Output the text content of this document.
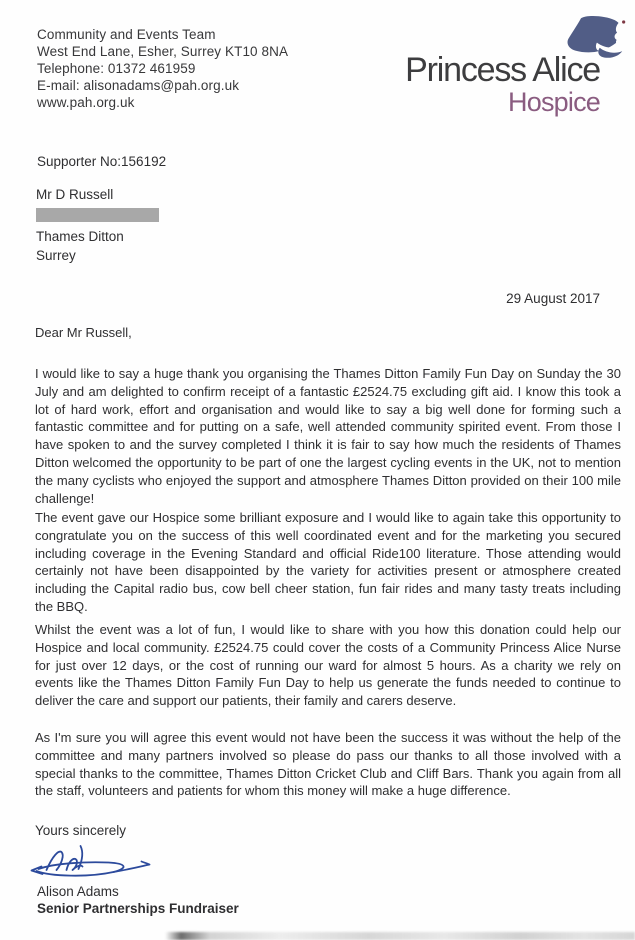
Community and Events Team
West End Lane, Esher, Surrey KT10 8NA
Telephone: 01372 461959
E-mail: alisonadams@pah.org.uk
www.pah.org.uk
Princess Alice
Hospice
Supporter No:156192
Mr D Russell
Thames Ditton
Surrey
29 August 2017
Dear Mr Russell,

I would like to say a huge thank you organising the Thames Ditton Family Fun Day on Sunday the 30 July and am delighted to confirm receipt of a fantastic £2524.75 excluding gift aid. I know this took a lot of hard work, effort and organisation and would like to say a big well done for forming such a fantastic committee and for putting on a safe, well attended community spirited event. From those I have spoken to and the survey completed I think it is fair to say how much the residents of Thames Ditton welcomed the opportunity to be part of one the largest cycling events in the UK, not to mention the many cyclists who enjoyed the support and atmosphere Thames Ditton provided on their 100 mile challenge!

The event gave our Hospice some brilliant exposure and I would like to again take this opportunity to congratulate you on the success of this well coordinated event and for the marketing you secured including coverage in the Evening Standard and official Ride100 literature. Those attending would certainly not have been disappointed by the variety for activities present or atmosphere created including the Capital radio bus, cow bell cheer station, fun fair rides and many tasty treats including the BBQ.

Whilst the event was a lot of fun, I would like to share with you how this donation could help our Hospice and local community. £2524.75 could cover the costs of a Community Princess Alice Nurse for just over 12 days, or the cost of running our ward for almost 5 hours. As a charity we rely on events like the Thames Ditton Family Fun Day to help us generate the funds needed to continue to deliver the care and support our patients, their family and carers deserve.

As I'm sure you will agree this event would not have been the success it was without the help of the committee and many partners involved so please do pass our thanks to all those involved with a special thanks to the committee, Thames Ditton Cricket Club and Cliff Bars. Thank you again from all the staff, volunteers and patients for whom this money will make a huge difference.

Yours sincerely
Alison Adams
Senior Partnerships Fundraiser
